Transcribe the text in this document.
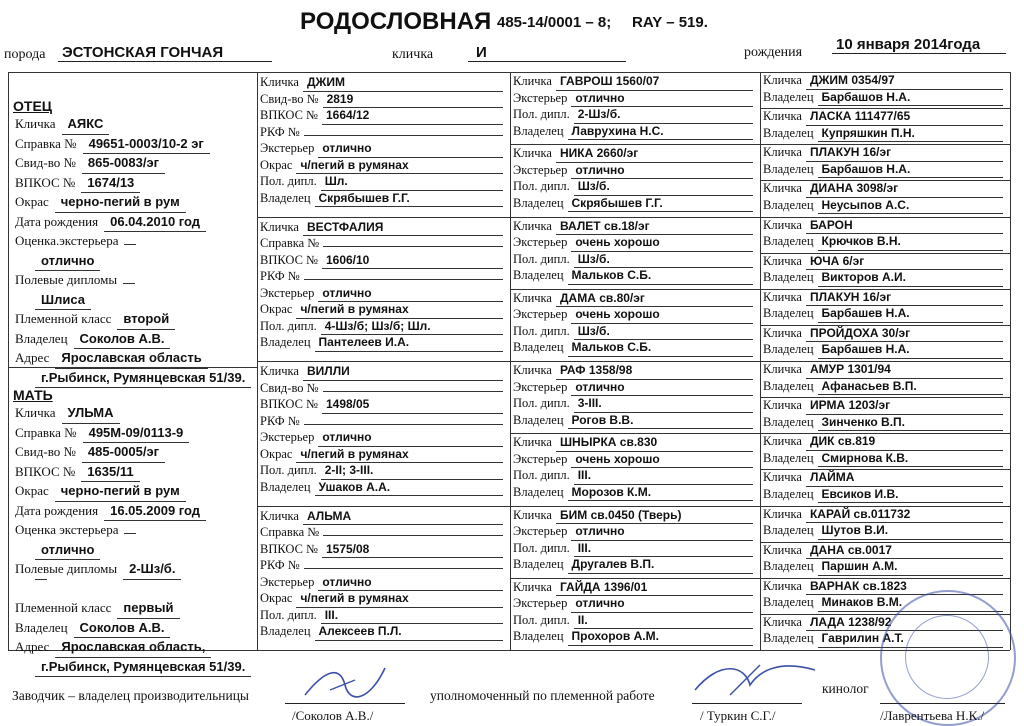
РОДОСЛОВНАЯ 485-14/0001 – 8; RAY – 519.
порода ЭСТОНСКАЯ ГОНЧАЯ	кличка	И	рождения 10 января 2014года
ОТЕЦ
Кличка АЯКС
Справка № 49651-0003/10-2 эг
Свид-во № 865-0083/эг
ВПКОС № 1674/13
Окрас черно-пегий в рум
Дата рождения 06.04.2010 год
Оценка.экстерьера
отлично
Полевые дипломы
Шлиса
Племенной класс второй
Владелец Соколов А.В.
Адрес Ярославская область
г.Рыбинск, Румянцевская 51/39.
МАТЬ
Кличка УЛЬМА
Справка № 495М-09/0113-9
Свид-во № 485-0005/эг
ВПКОС № 1635/11
Окрас черно-пегий в рум
Дата рождения 16.05.2009 год
Оценка экстерьера
отлично
Полевые дипломы 2-Шз/б.
Племенной класс первый
Владелец Соколов А.В.
Адрес Ярославская область,
г.Рыбинск, Румянцевская 51/39.
Кличка ДЖИМ
Свид-во № 2819
ВПКОС № 1664/12
РКФ №
Экстерьер отлично
Окрас ч/пегий в румянах
Пол. дипл. Шл.
Владелец Скрябышев Г.Г.
Кличка ВЕСТФАЛИЯ
Справка №
ВПКОС № 1606/10
РКФ №
Экстерьер отлично
Окрас ч/пегий в румянах
Пол. дипл. 4-Шз/б; Шз/б; Шл.
Владелец Пантелеев И.А.
Кличка ВИЛЛИ
Свид-во №
ВПКОС № 1498/05
РКФ №
Экстерьер отлично
Окрас ч/пегий в румянах
Пол. дипл. 2-II; 3-III.
Владелец Ушаков А.А.
Кличка АЛЬМА
Справка №
ВПКОС № 1575/08
РКФ №
Экстерьер отлично
Окрас ч/пегий в румянах
Пол. дипл. III.
Владелец Алексеев П.Л.
Кличка ГАВРОШ 1560/07
Экстерьер отлично
Пол. дипл. 2-Шз/б.
Владелец Лаврухина Н.С.
Кличка НИКА 2660/эг
Экстерьер отлично
Пол. дипл. Шз/б.
Владелец Скрябышев Г.Г.
Кличка ВАЛЕТ св.18/эг
Экстерьер очень хорошо
Пол. дипл. Шз/б.
Владелец Мальков С.Б.
Кличка ДАМА св.80/эг
Экстерьер очень хорошо
Пол. дипл. Шз/б.
Владелец Мальков С.Б.
Кличка РАФ 1358/98
Экстерьер отлично
Пол. дипл. 3-III.
Владелец Рогов В.В.
Кличка ШНЫРКА св.830
Экстерьер очень хорошо
Пол. дипл. III.
Владелец Морозов К.М.
Кличка БИМ св.0450 (Тверь)
Экстерьер отлично
Пол. дипл. III.
Владелец Другалев В.П.
Кличка ГАЙДА 1396/01
Экстерьер отлично
Пол. дипл. II.
Владелец Прохоров А.М.
Кличка ДЖИМ 0354/97
Владелец Барбашов Н.А.
Кличка ЛАСКА 111477/65
Владелец Купряшкин П.Н.
Кличка ПЛАКУН 16/эг
Владелец Барбашов Н.А.
Кличка ДИАНА 3098/эг
Владелец Неусыпов А.С.
Кличка БАРОН
Владелец Крючков В.Н.
Кличка ЮЧА 6/эг
Владелец Викторов А.И.
Кличка ПЛАКУН 16/эг
Владелец Барбашев Н.А.
Кличка ПРОЙДОХА 30/эг
Владелец Барбашев Н.А.
Кличка АМУР 1301/94
Владелец Афанасьев В.П.
Кличка ИРМА 1203/эг
Владелец Зинченко В.П.
Кличка ДИК св.819
Владелец Смирнова К.В.
Кличка ЛАЙМА
Владелец Евсиков И.В.
Кличка КАРАЙ св.011732
Владелец Шутов В.И.
Кличка ДАНА св.0017
Владелец Паршин А.М.
Кличка ВАРНАК св.1823
Владелец Минаков В.М.
Кличка ЛАДА 1238/92
Владелец Гаврилин А.Т.
Заводчик – владелец производительницы
/Соколов А.В./
уполномоченный по племенной работе
/ Туркин С.Г./
кинолог
/Лаврентьева Н.К./
